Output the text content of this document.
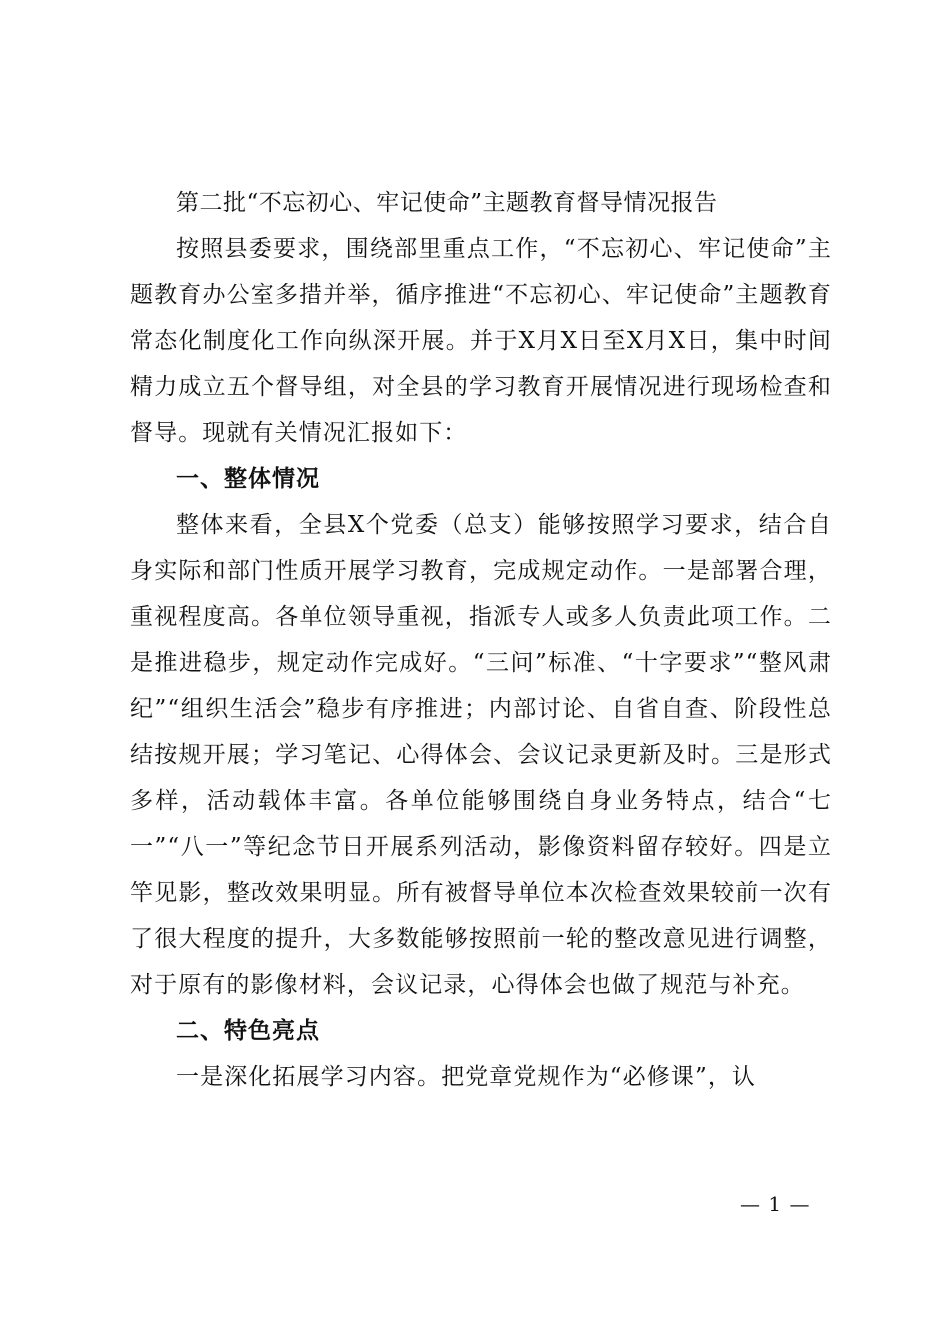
第二批“不忘初心、牢记使命”主题教育督导情况报告

按照县委要求，围绕部里重点工作，“不忘初心、牢记使命”主题教育办公室多措并举，循序推进“不忘初心、牢记使命”主题教育常态化制度化工作向纵深开展。并于X月X日至X月X日，集中时间精力成立五个督导组，对全县的学习教育开展情况进行现场检查和督导。现就有关情况汇报如下：

一、整体情况

整体来看，全县X个党委（总支）能够按照学习要求，结合自身实际和部门性质开展学习教育，完成规定动作。一是部署合理，重视程度高。各单位领导重视，指派专人或多人负责此项工作。二是推进稳步，规定动作完成好。“三问”标准、“十字要求”“整风肃纪”“组织生活会”稳步有序推进；内部讨论、自省自查、阶段性总结按规开展；学习笔记、心得体会、会议记录更新及时。三是形式多样，活动载体丰富。各单位能够围绕自身业务特点，结合“七一”“八一”等纪念节日开展系列活动，影像资料留存较好。四是立竿见影，整改效果明显。所有被督导单位本次检查效果较前一次有了很大程度的提升，大多数能够按照前一轮的整改意见进行调整，对于原有的影像材料，会议记录，心得体会也做了规范与补充。

二、特色亮点

一是深化拓展学习内容。把党章党规作为“必修课”，认

— 1 —
